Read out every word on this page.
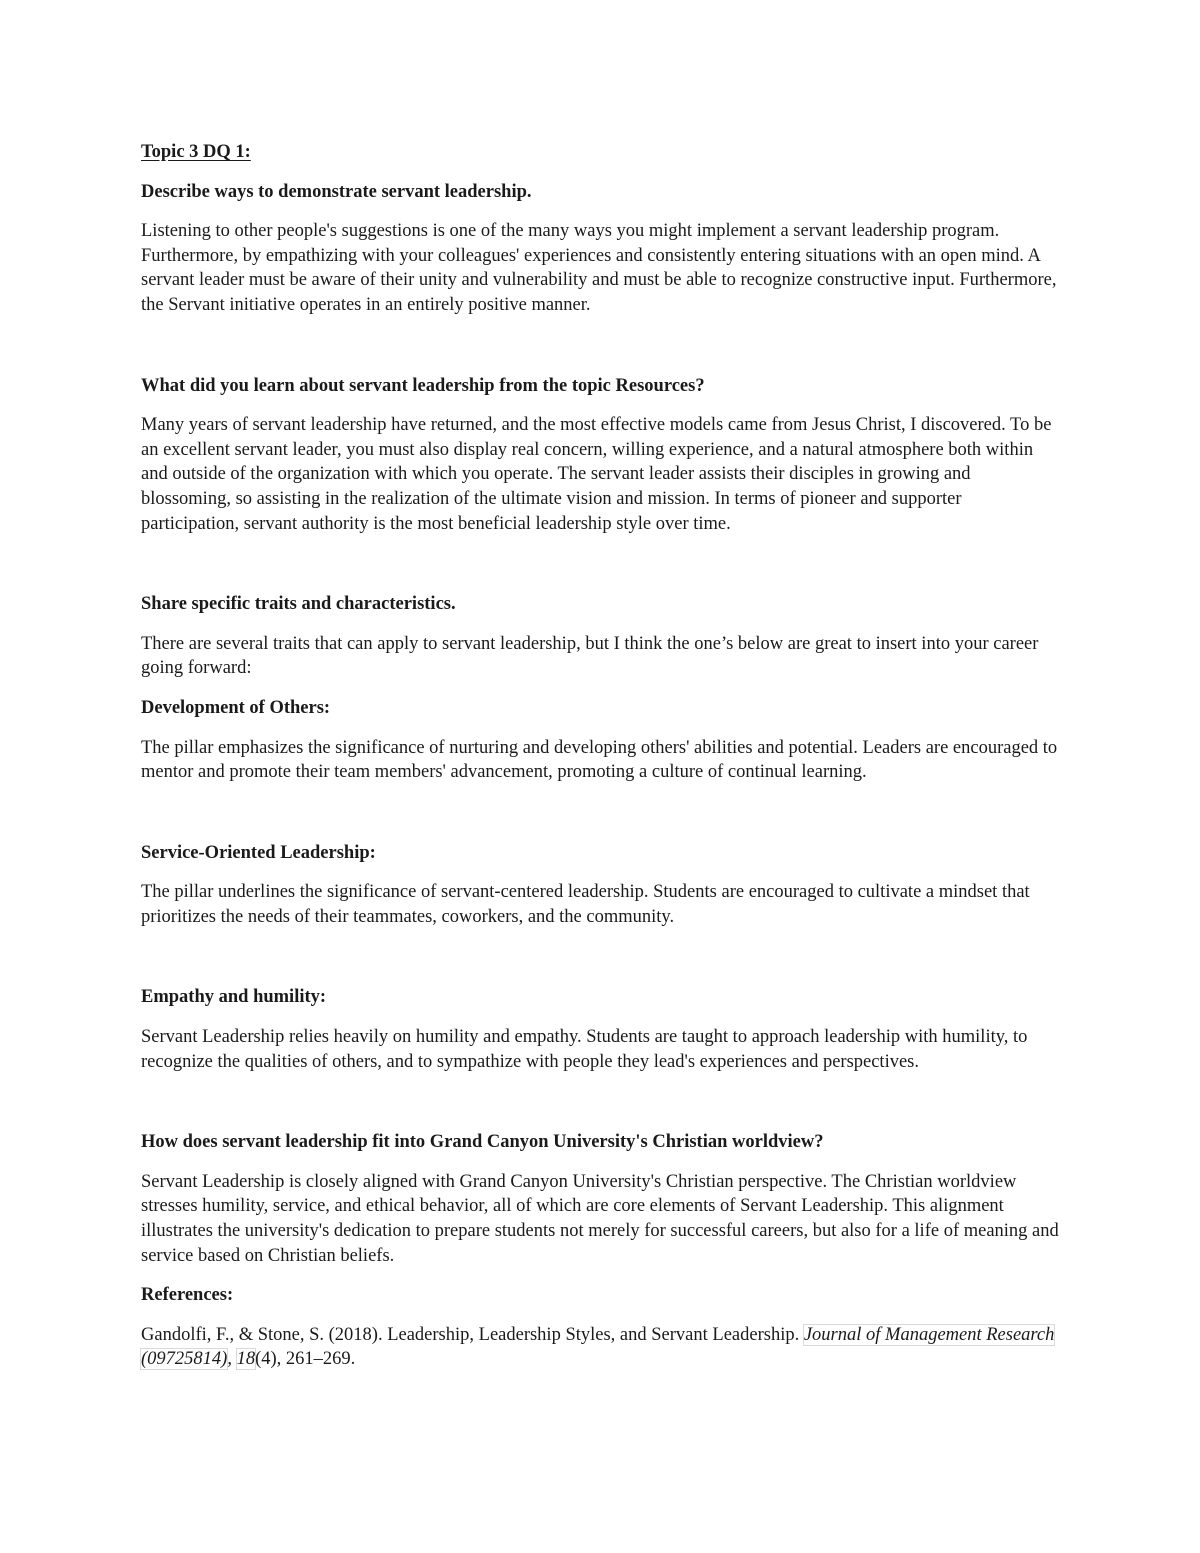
Topic 3 DQ 1:

Describe ways to demonstrate servant leadership.

Listening to other people's suggestions is one of the many ways you might implement a servant leadership program. Furthermore, by empathizing with your colleagues' experiences and consistently entering situations with an open mind. A servant leader must be aware of their unity and vulnerability and must be able to recognize constructive input. Furthermore, the Servant initiative operates in an entirely positive manner.

What did you learn about servant leadership from the topic Resources?

Many years of servant leadership have returned, and the most effective models came from Jesus Christ, I discovered. To be an excellent servant leader, you must also display real concern, willing experience, and a natural atmosphere both within and outside of the organization with which you operate. The servant leader assists their disciples in growing and blossoming, so assisting in the realization of the ultimate vision and mission. In terms of pioneer and supporter participation, servant authority is the most beneficial leadership style over time.

Share specific traits and characteristics.

There are several traits that can apply to servant leadership, but I think the one’s below are great to insert into your career going forward:

Development of Others:

The pillar emphasizes the significance of nurturing and developing others' abilities and potential. Leaders are encouraged to mentor and promote their team members' advancement, promoting a culture of continual learning.

Service-Oriented Leadership:

The pillar underlines the significance of servant-centered leadership. Students are encouraged to cultivate a mindset that prioritizes the needs of their teammates, coworkers, and the community.

Empathy and humility:

Servant Leadership relies heavily on humility and empathy. Students are taught to approach leadership with humility, to recognize the qualities of others, and to sympathize with people they lead's experiences and perspectives.

How does servant leadership fit into Grand Canyon University's Christian worldview?

Servant Leadership is closely aligned with Grand Canyon University's Christian perspective. The Christian worldview stresses humility, service, and ethical behavior, all of which are core elements of Servant Leadership. This alignment illustrates the university's dedication to prepare students not merely for successful careers, but also for a life of meaning and service based on Christian beliefs.

References:

Gandolfi, F., & Stone, S. (2018). Leadership, Leadership Styles, and Servant Leadership. Journal of Management Research (09725814), 18(4), 261–269.
